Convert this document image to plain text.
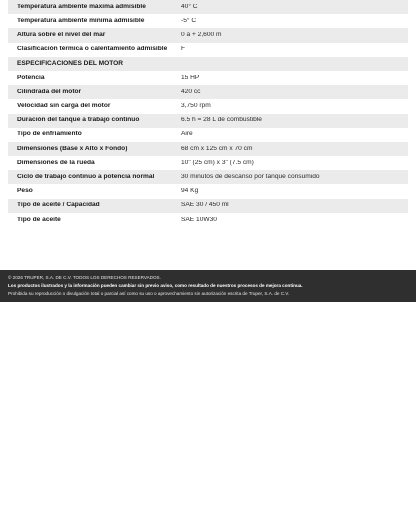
Temperatura ambiente máxima admisible	40° C
Temperatura ambiente mínima admisible	-5° C
Altura sobre el nivel del mar	0 a + 2,600 m
Clasificación térmica o calentamiento admisible	F
ESPECIFICACIONES DEL MOTOR
Potencia	15 HP
Cilindrada del motor	420 cc
Velocidad sin carga del motor	3,750 rpm
Duración del tanque a trabajo continuo	6.5 h = 28 L de combustible
Tipo de enfriamiento	Aire
Dimensiones (Base x Alto x Fondo)	68 cm x 125 cm x 70 cm
Dimensiones de la rueda	10" (25 cm) x 3" (7.5 cm)
Ciclo de trabajo continuo a potencia normal	30 minutos de descanso por tanque consumido
Peso	94 Kg
Tipo de aceite / Capacidad	SAE 30 / 450 ml
Tipo de aceite	SAE 10W30
© 2026 TRUPER, S.A. DE C.V. TODOS LOS DERECHOS RESERVADOS.
Los productos ilustrados y la información pueden cambiar sin previo aviso, como resultado de nuestros procesos de mejora continua.
Prohibida su reproducción o divulgación total o parcial así como su uso o aprovechamiento sin autorización escrita de Truper, S.A. de C.V.
